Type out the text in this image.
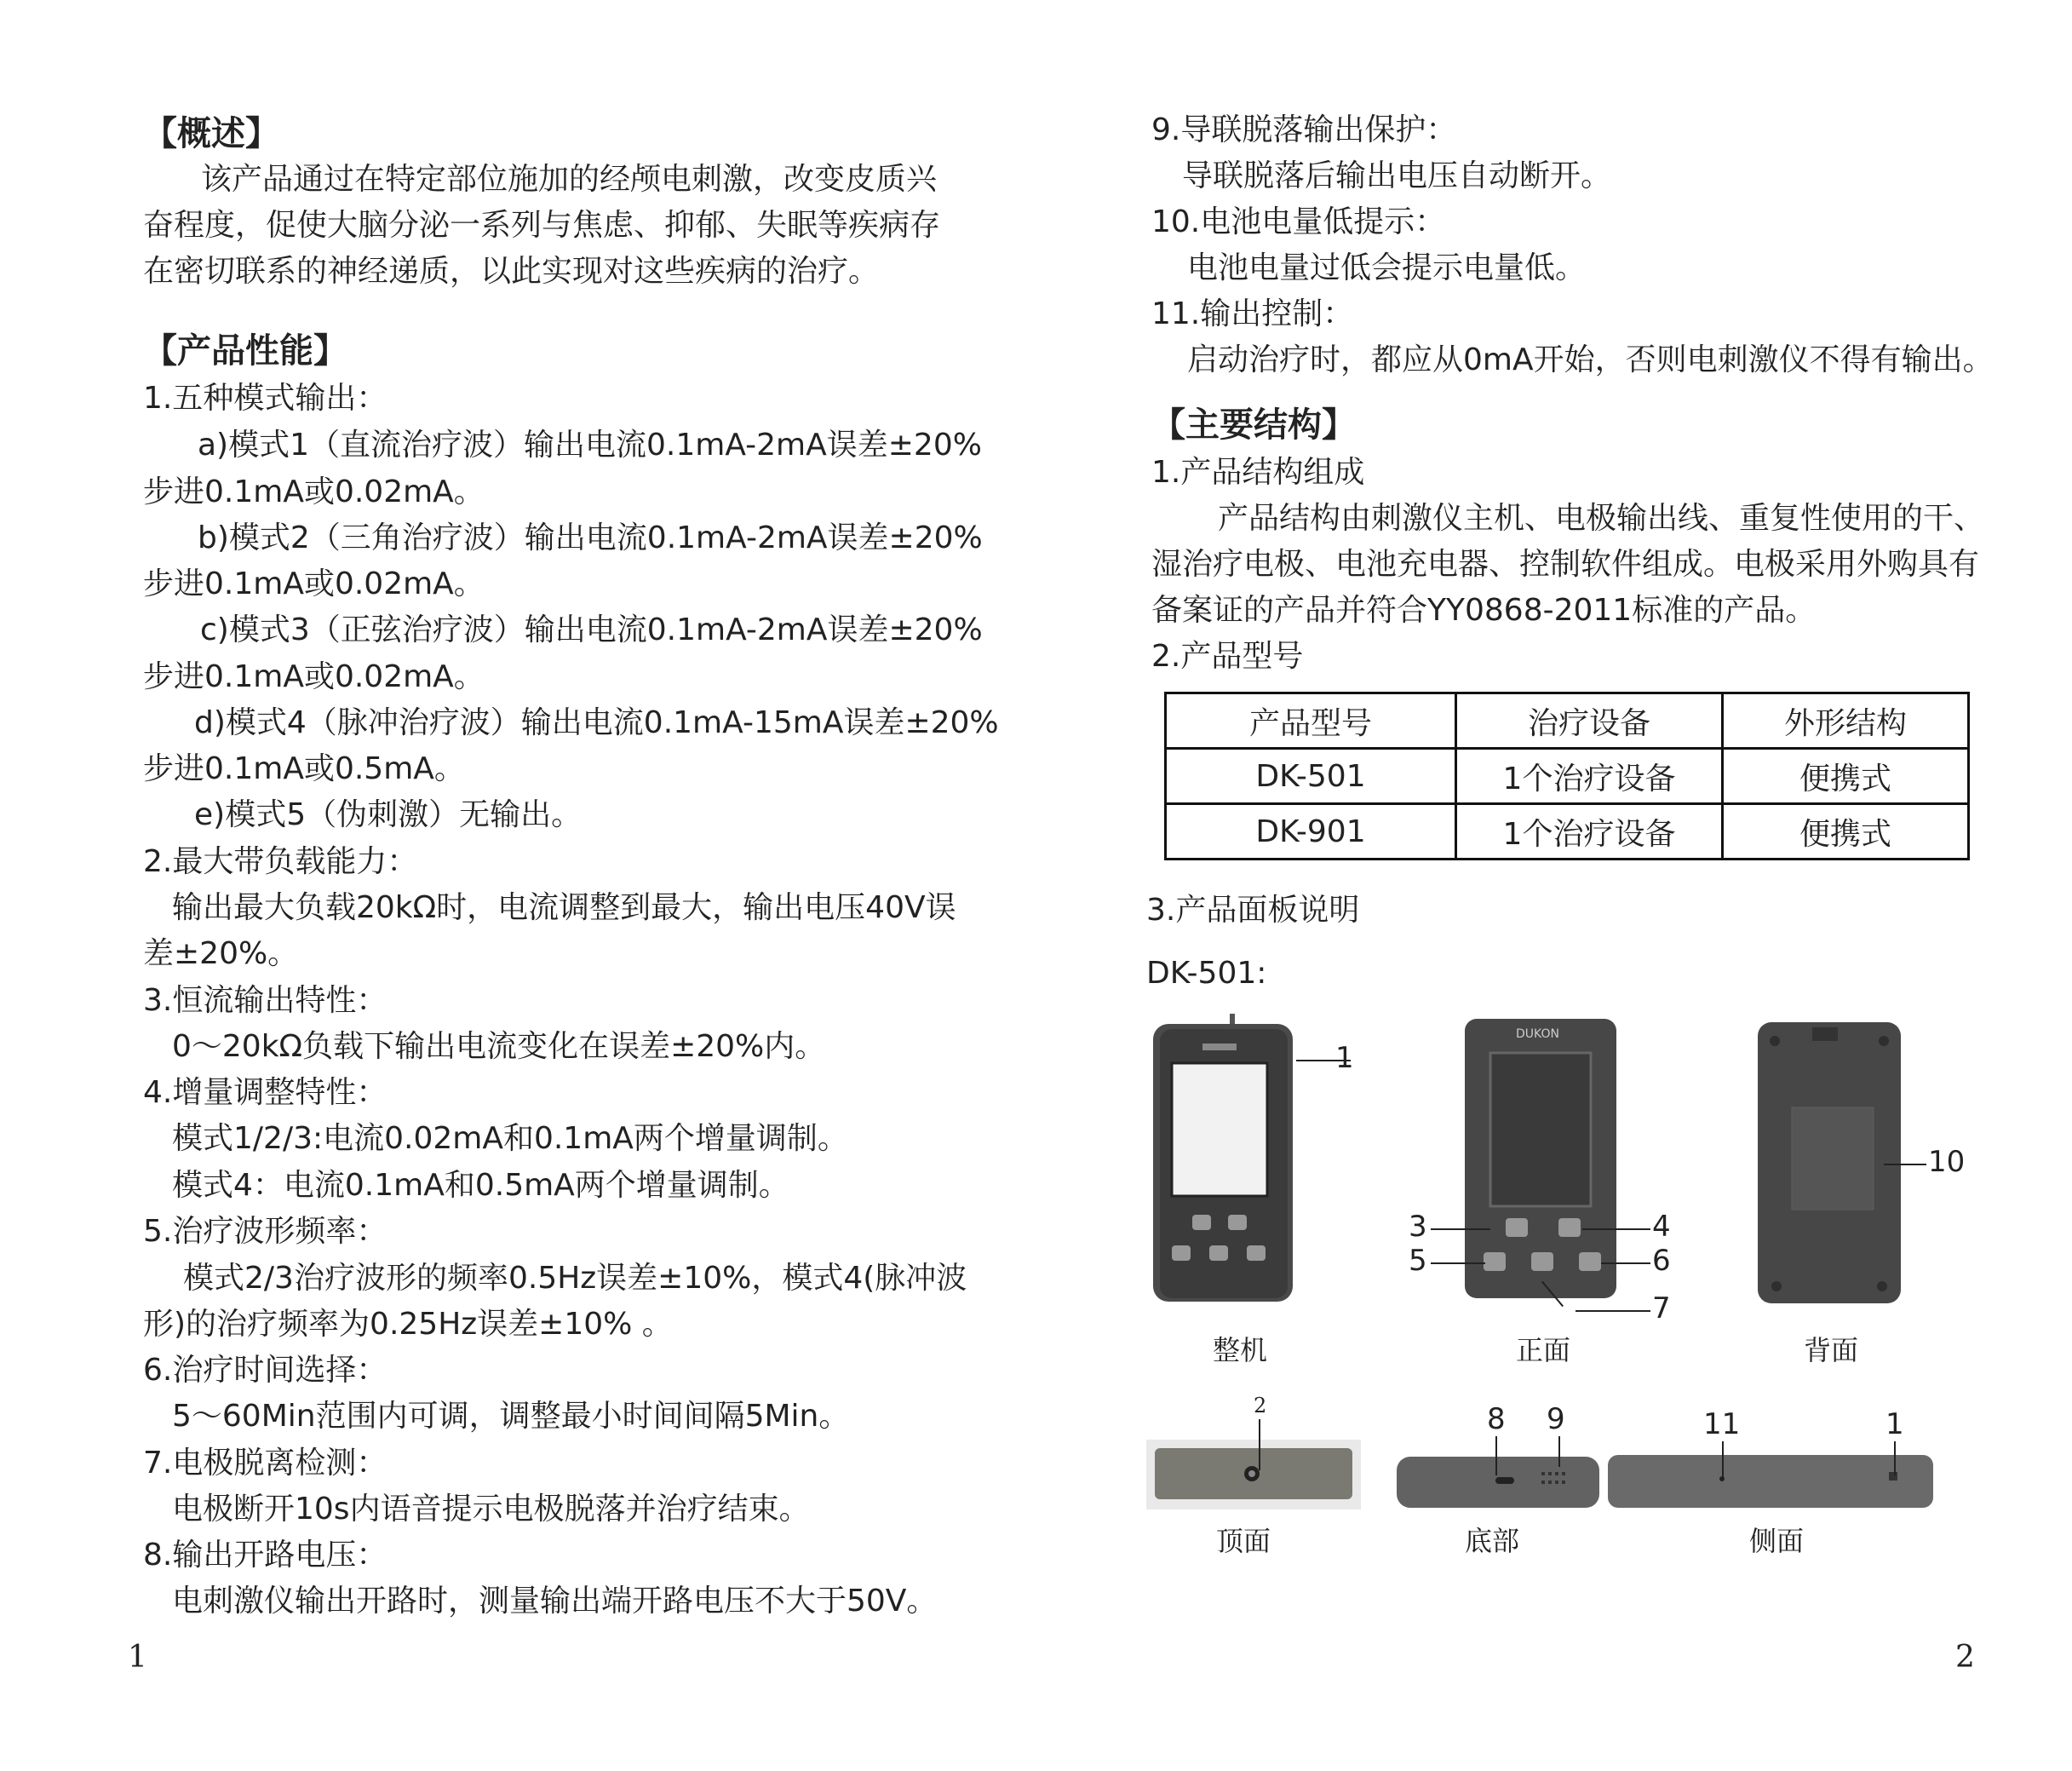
【概述】
该产品通过在特定部位施加的经颅电刺激，改变皮质兴
奋程度，促使大脑分泌一系列与焦虑、抑郁、失眠等疾病存
在密切联系的神经递质，以此实现对这些疾病的治疗。
【产品性能】
1.五种模式输出：
a)模式1（直流治疗波）输出电流0.1mA-2mA误差±20%
步进0.1mA或0.02mA。
b)模式2（三角治疗波）输出电流0.1mA-2mA误差±20%
步进0.1mA或0.02mA。
c)模式3（正弦治疗波）输出电流0.1mA-2mA误差±20%
步进0.1mA或0.02mA。
d)模式4（脉冲治疗波）输出电流0.1mA-15mA误差±20%
步进0.1mA或0.5mA。
e)模式5（伪刺激）无输出。
2.最大带负载能力：
输出最大负载20kΩ时，电流调整到最大，输出电压40V误
差±20%。
3.恒流输出特性：
0～20kΩ负载下输出电流变化在误差±20%内。
4.增量调整特性：
模式1/2/3:电流0.02mA和0.1mA两个增量调制。
模式4：电流0.1mA和0.5mA两个增量调制。
5.治疗波形频率：
模式2/3治疗波形的频率0.5Hz误差±10%，模式4(脉冲波
形)的治疗频率为0.25Hz误差±10% 。
6.治疗时间选择：
5～60Min范围内可调，调整最小时间间隔5Min。
7.电极脱离检测：
电极断开10s内语音提示电极脱落并治疗结束。
8.输出开路电压：
电刺激仪输出开路时，测量输出端开路电压不大于50V。
1
9.导联脱落输出保护：
导联脱落后输出电压自动断开。
10.电池电量低提示：
电池电量过低会提示电量低。
11.输出控制：
启动治疗时，都应从0mA开始，否则电刺激仪不得有输出。
【主要结构】
1.产品结构组成
产品结构由刺激仪主机、电极输出线、重复性使用的干、
湿治疗电极、电池充电器、控制软件组成。电极采用外购具有
备案证的产品并符合YY0868-2011标准的产品。
2.产品型号
产品型号	治疗设备	外形结构
DK-501	1个治疗设备	便携式
DK-901	1个治疗设备	便携式
3.产品面板说明
DK-501:
DUKON
1
3	4
5	6
7
10
2	8 9	11	1
整机	正面	背面
顶面	底部	侧面
2
